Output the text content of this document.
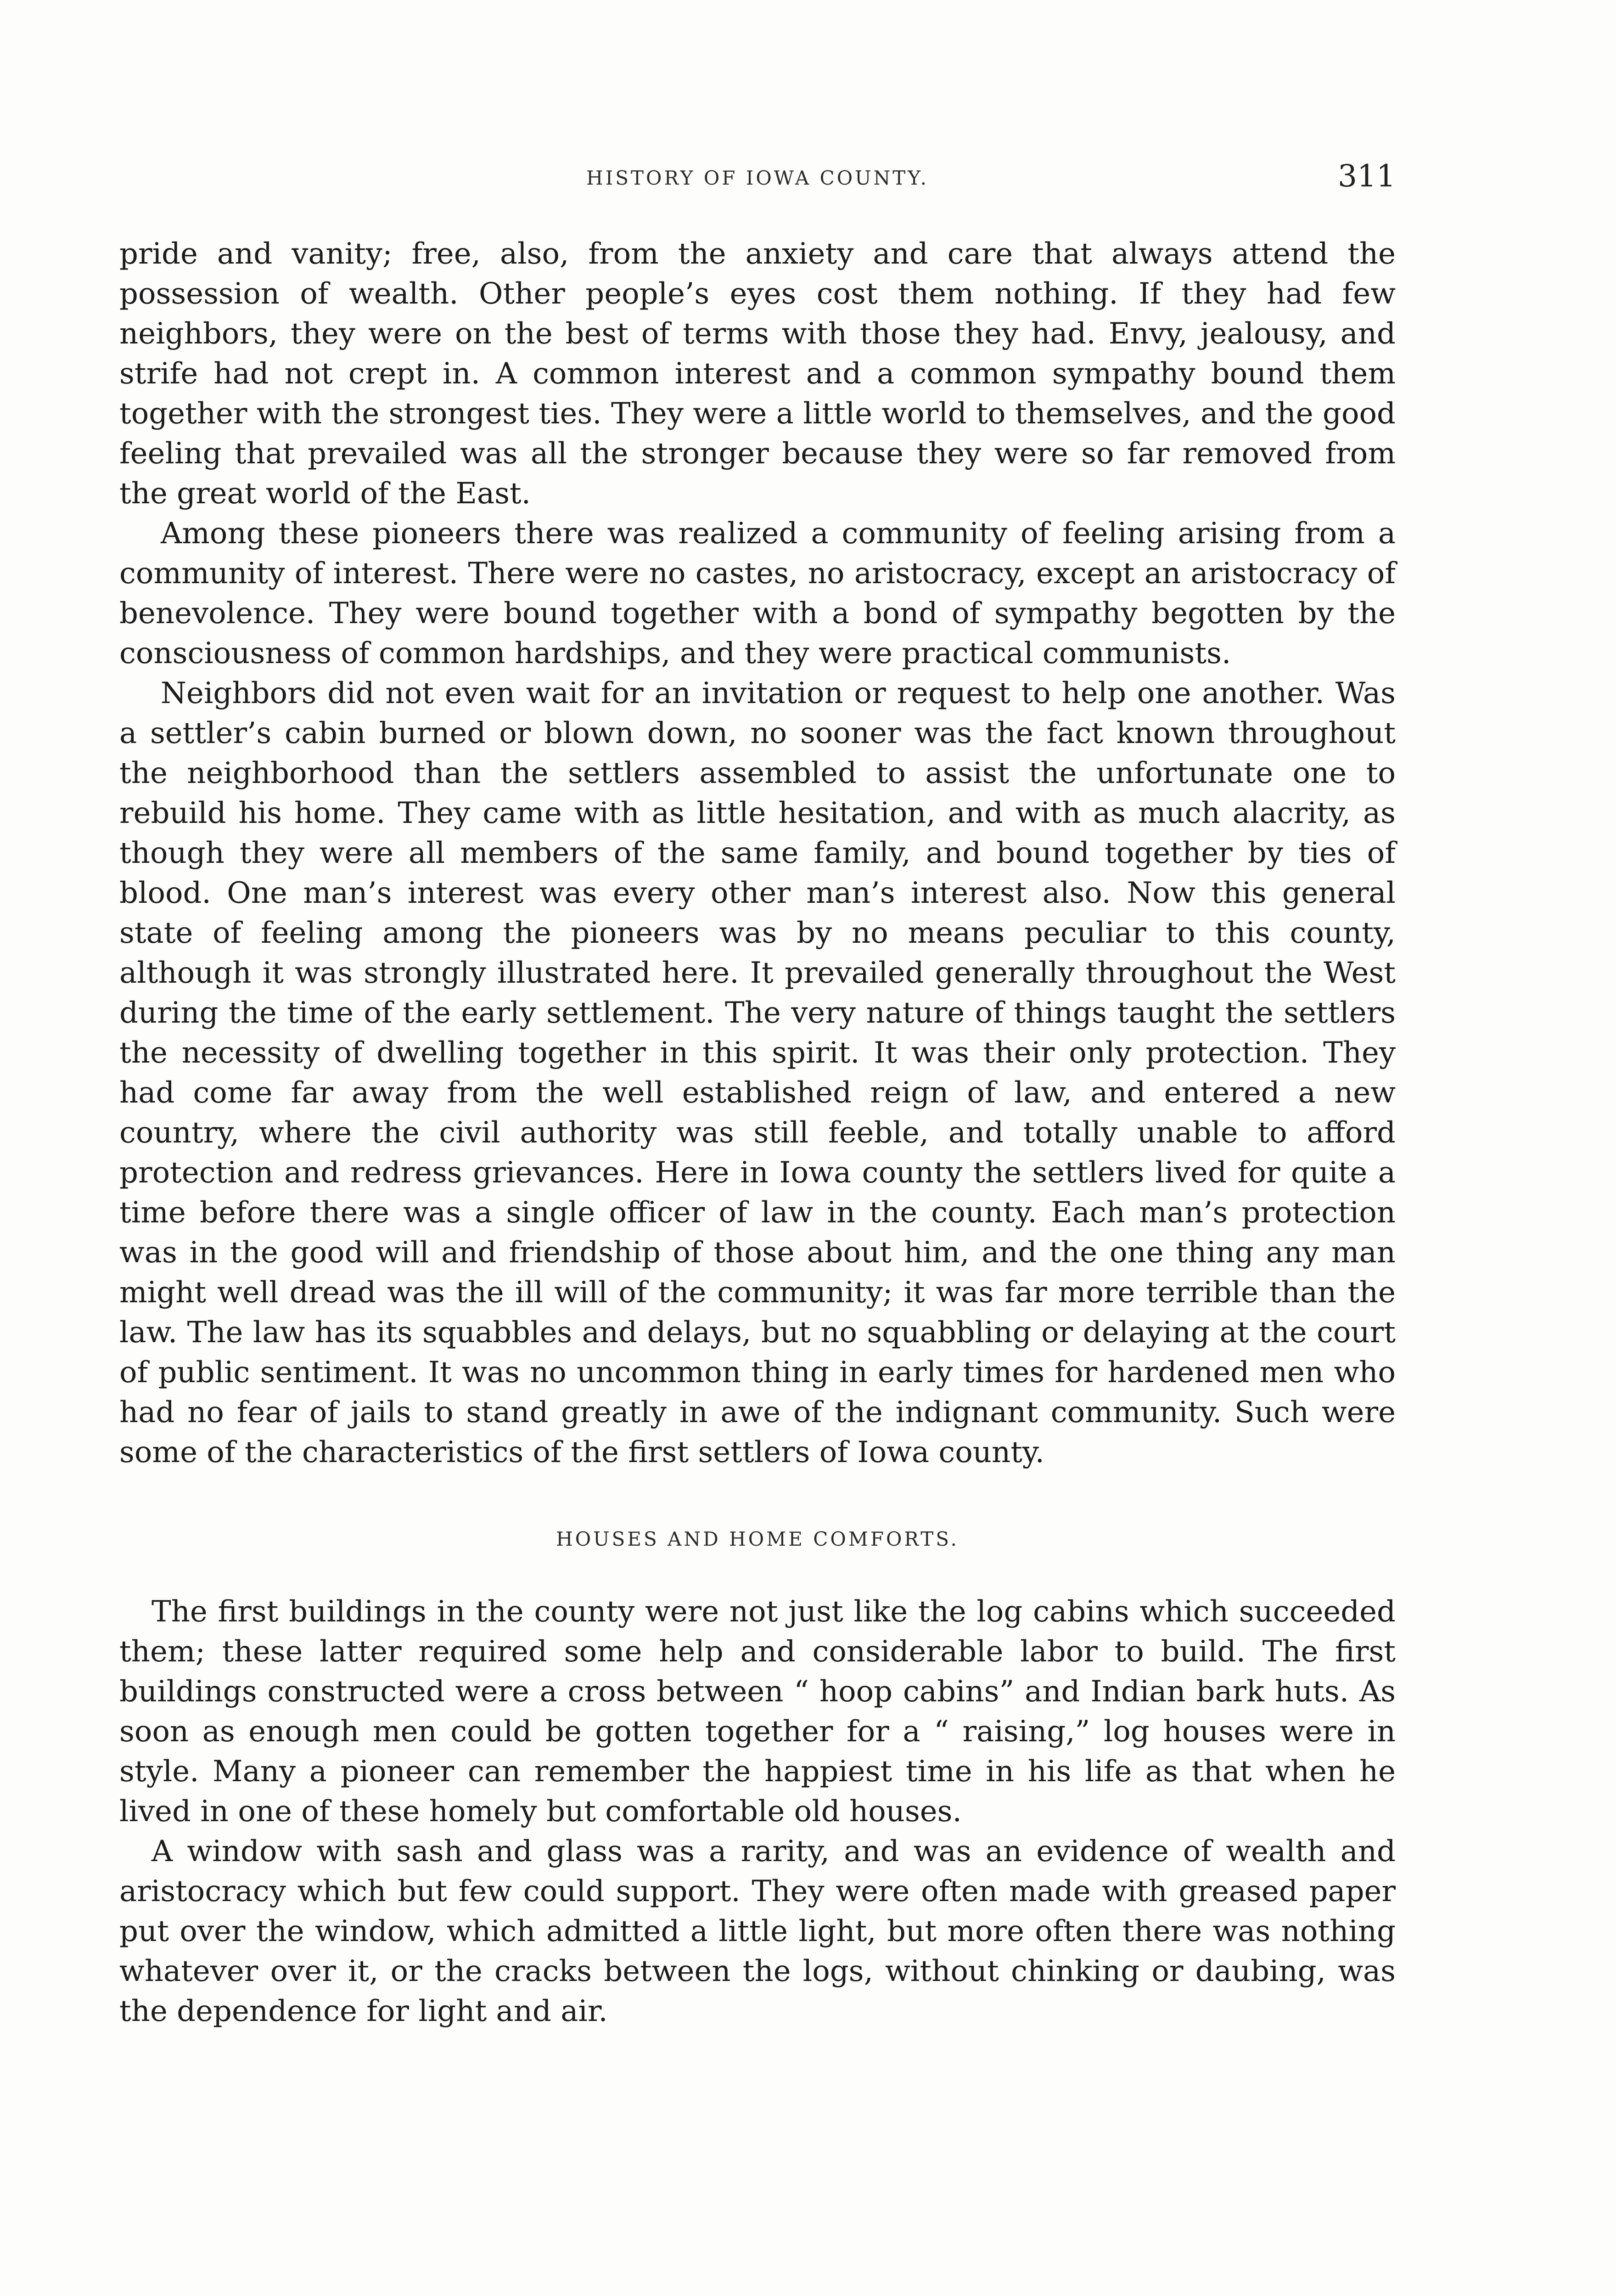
HISTORY OF IOWA COUNTY.	311

pride and vanity; free, also, from the anxiety and care that always attend the possession of wealth. Other people’s eyes cost them nothing. If they had few neighbors, they were on the best of terms with those they had. Envy, jealousy, and strife had not crept in. A common interest and a common sympathy bound them together with the strongest ties. They were a little world to themselves, and the good feeling that prevailed was all the stronger because they were so far removed from the great world of the East.

Among these pioneers there was realized a community of feeling arising from a community of interest. There were no castes, no aristocracy, except an aristocracy of benevolence. They were bound together with a bond of sympathy begotten by the consciousness of common hardships, and they were practical communists.

Neighbors did not even wait for an invitation or request to help one another. Was a settler’s cabin burned or blown down, no sooner was the fact known throughout the neighborhood than the settlers assembled to assist the unfortunate one to rebuild his home. They came with as little hesitation, and with as much alacrity, as though they were all members of the same family, and bound together by ties of blood. One man’s interest was every other man’s interest also. Now this general state of feeling among the pioneers was by no means peculiar to this county, although it was strongly illustrated here. It prevailed generally throughout the West during the time of the early settlement. The very nature of things taught the settlers the necessity of dwelling together in this spirit. It was their only protection. They had come far away from the well established reign of law, and entered a new country, where the civil authority was still feeble, and totally unable to afford protection and redress grievances. Here in Iowa county the settlers lived for quite a time before there was a single officer of law in the county. Each man’s protection was in the good will and friendship of those about him, and the one thing any man might well dread was the ill will of the community; it was far more terrible than the law. The law has its squabbles and delays, but no squabbling or delaying at the court of public sentiment. It was no uncommon thing in early times for hardened men who had no fear of jails to stand greatly in awe of the indignant community. Such were some of the characteristics of the first settlers of Iowa county.

HOUSES AND HOME COMFORTS.

The first buildings in the county were not just like the log cabins which succeeded them; these latter required some help and considerable labor to build. The first buildings constructed were a cross between “ hoop cabins” and Indian bark huts. As soon as enough men could be gotten together for a “ raising,” log houses were in style. Many a pioneer can remember the happiest time in his life as that when he lived in one of these homely but comfortable old houses.

A window with sash and glass was a rarity, and was an evidence of wealth and aristocracy which but few could support. They were often made with greased paper put over the window, which admitted a little light, but more often there was nothing whatever over it, or the cracks between the logs, without chinking or daubing, was the dependence for light and air.
